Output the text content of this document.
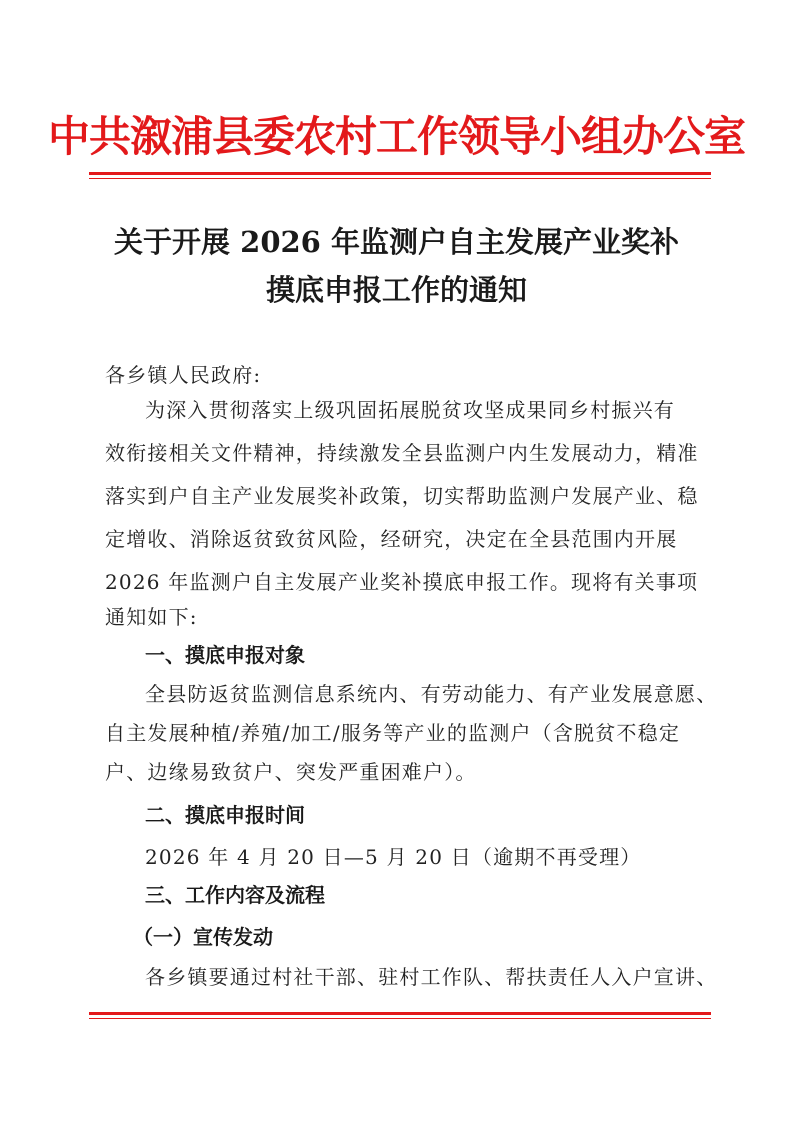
中共溆浦县委农村工作领导小组办公室
关于开展 2026 年监测户自主发展产业奖补
摸底申报工作的通知
各乡镇人民政府:
为深入贯彻落实上级巩固拓展脱贫攻坚成果同乡村振兴有
效衔接相关文件精神，持续激发全县监测户内生发展动力，精准
落实到户自主产业发展奖补政策，切实帮助监测户发展产业、稳
定增收、消除返贫致贫风险，经研究，决定在全县范围内开展
2026 年监测户自主发展产业奖补摸底申报工作。现将有关事项
通知如下:
一、摸底申报对象
全县防返贫监测信息系统内、有劳动能力、有产业发展意愿、
自主发展种植/养殖/加工/服务等产业的监测户（含脱贫不稳定
户、边缘易致贫户、突发严重困难户）。
二、摸底申报时间
2026 年 4 月 20 日—5 月 20 日（逾期不再受理）
三、工作内容及流程
（一）宣传发动
各乡镇要通过村社干部、驻村工作队、帮扶责任人入户宣讲、
